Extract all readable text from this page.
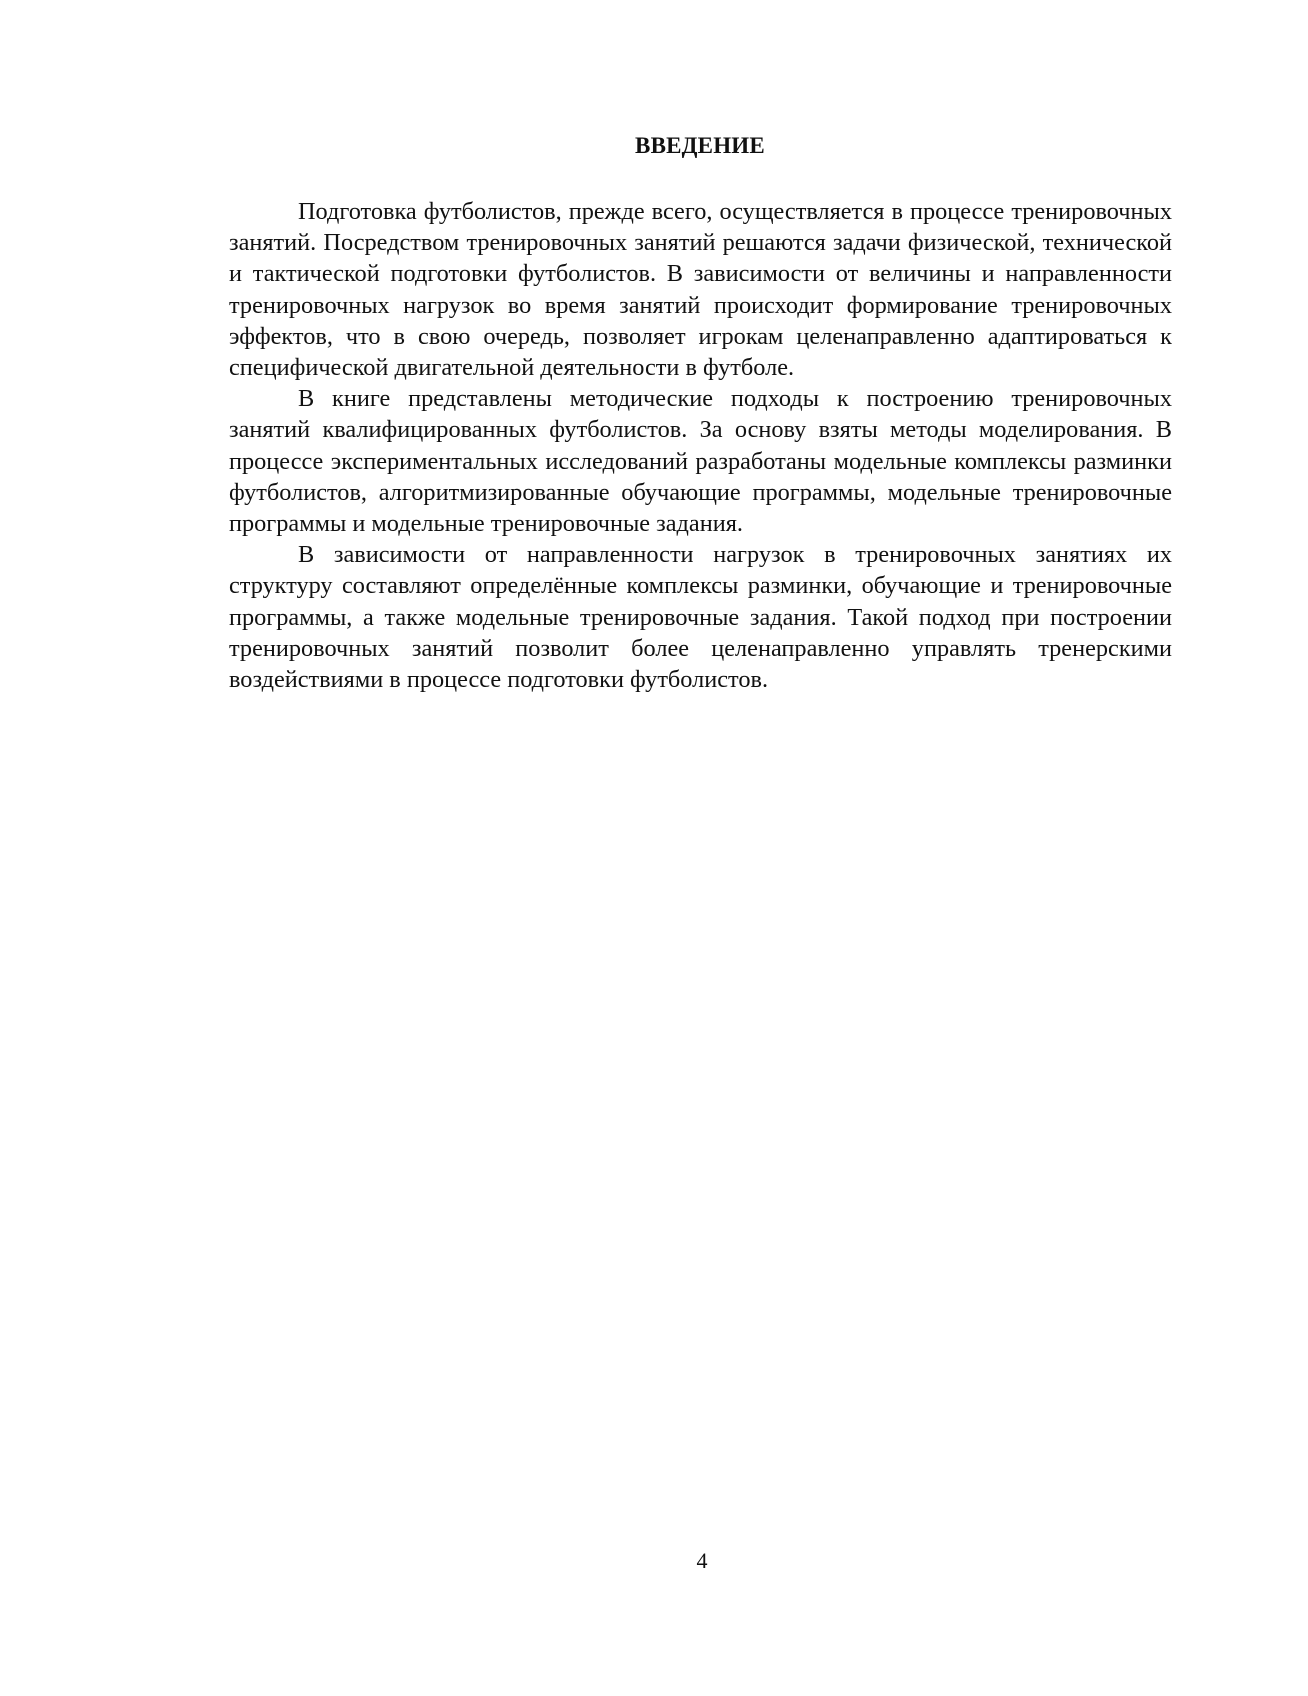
ВВЕДЕНИЕ

Подготовка футболистов, прежде всего, осуществляется в процессе тренировочных занятий. Посредством тренировочных занятий решаются задачи физической, технической и тактической подготовки футболистов. В зависимости от величины и направленности тренировочных нагрузок во время занятий происходит формирование тренировочных эффектов, что в свою очередь, позволяет игрокам целенаправленно адаптироваться к специфической двигательной деятельности в футболе.

В книге представлены методические подходы к построению тренировочных занятий квалифицированных футболистов. За основу взяты методы моделирования. В процессе экспериментальных исследований разработаны модельные комплексы разминки футболистов, алгоритмизированные обучающие программы, модельные тренировочные программы и модельные тренировочные задания.

В зависимости от направленности нагрузок в тренировочных занятиях их структуру составляют определённые комплексы разминки, обучающие и тренировочные программы, а также модельные тренировочные задания. Такой подход при построении тренировочных занятий позволит более целенаправленно управлять тренерскими воздействиями в процессе подготовки футболистов.

4
